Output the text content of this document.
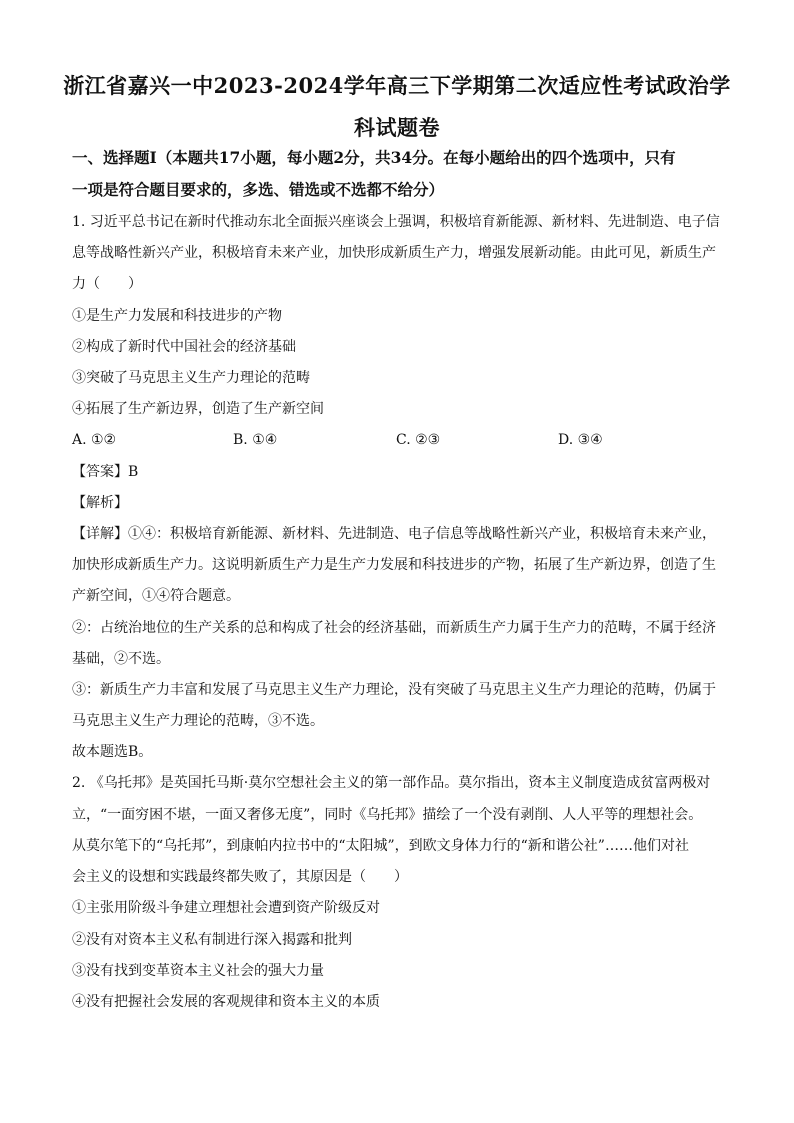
浙江省嘉兴一中2023-2024学年高三下学期第二次适应性考试政治学
科试题卷
一、选择题Ⅰ（本题共17小题，每小题2分，共34分。在每小题给出的四个选项中，只有
一项是符合题目要求的，多选、错选或不选都不给分）
1. 习近平总书记在新时代推动东北全面振兴座谈会上强调，积极培育新能源、新材料、先进制造、电子信
息等战略性新兴产业，积极培育未来产业，加快形成新质生产力，增强发展新动能。由此可见，新质生产
力（　　）
①是生产力发展和科技进步的产物
②构成了新时代中国社会的经济基础
③突破了马克思主义生产力理论的范畴
④拓展了生产新边界，创造了生产新空间
A. ①②	B. ①④	C. ②③	D. ③④
【答案】B
【解析】
【详解】①④：积极培育新能源、新材料、先进制造、电子信息等战略性新兴产业，积极培育未来产业，
加快形成新质生产力。这说明新质生产力是生产力发展和科技进步的产物，拓展了生产新边界，创造了生
产新空间，①④符合题意。
②：占统治地位的生产关系的总和构成了社会的经济基础，而新质生产力属于生产力的范畴，不属于经济
基础，②不选。
③：新质生产力丰富和发展了马克思主义生产力理论，没有突破了马克思主义生产力理论的范畴，仍属于
马克思主义生产力理论的范畴，③不选。
故本题选B。
2. 《乌托邦》是英国托马斯·莫尔空想社会主义的第一部作品。莫尔指出，资本主义制度造成贫富两极对
立，“一面穷困不堪，一面又奢侈无度”，同时《乌托邦》描绘了一个没有剥削、人人平等的理想社会。
从莫尔笔下的“乌托邦”，到康帕内拉书中的“太阳城”，到欧文身体力行的“新和谐公社”……他们对社
会主义的设想和实践最终都失败了，其原因是（　　）
①主张用阶级斗争建立理想社会遭到资产阶级反对
②没有对资本主义私有制进行深入揭露和批判
③没有找到变革资本主义社会的强大力量
④没有把握社会发展的客观规律和资本主义的本质
